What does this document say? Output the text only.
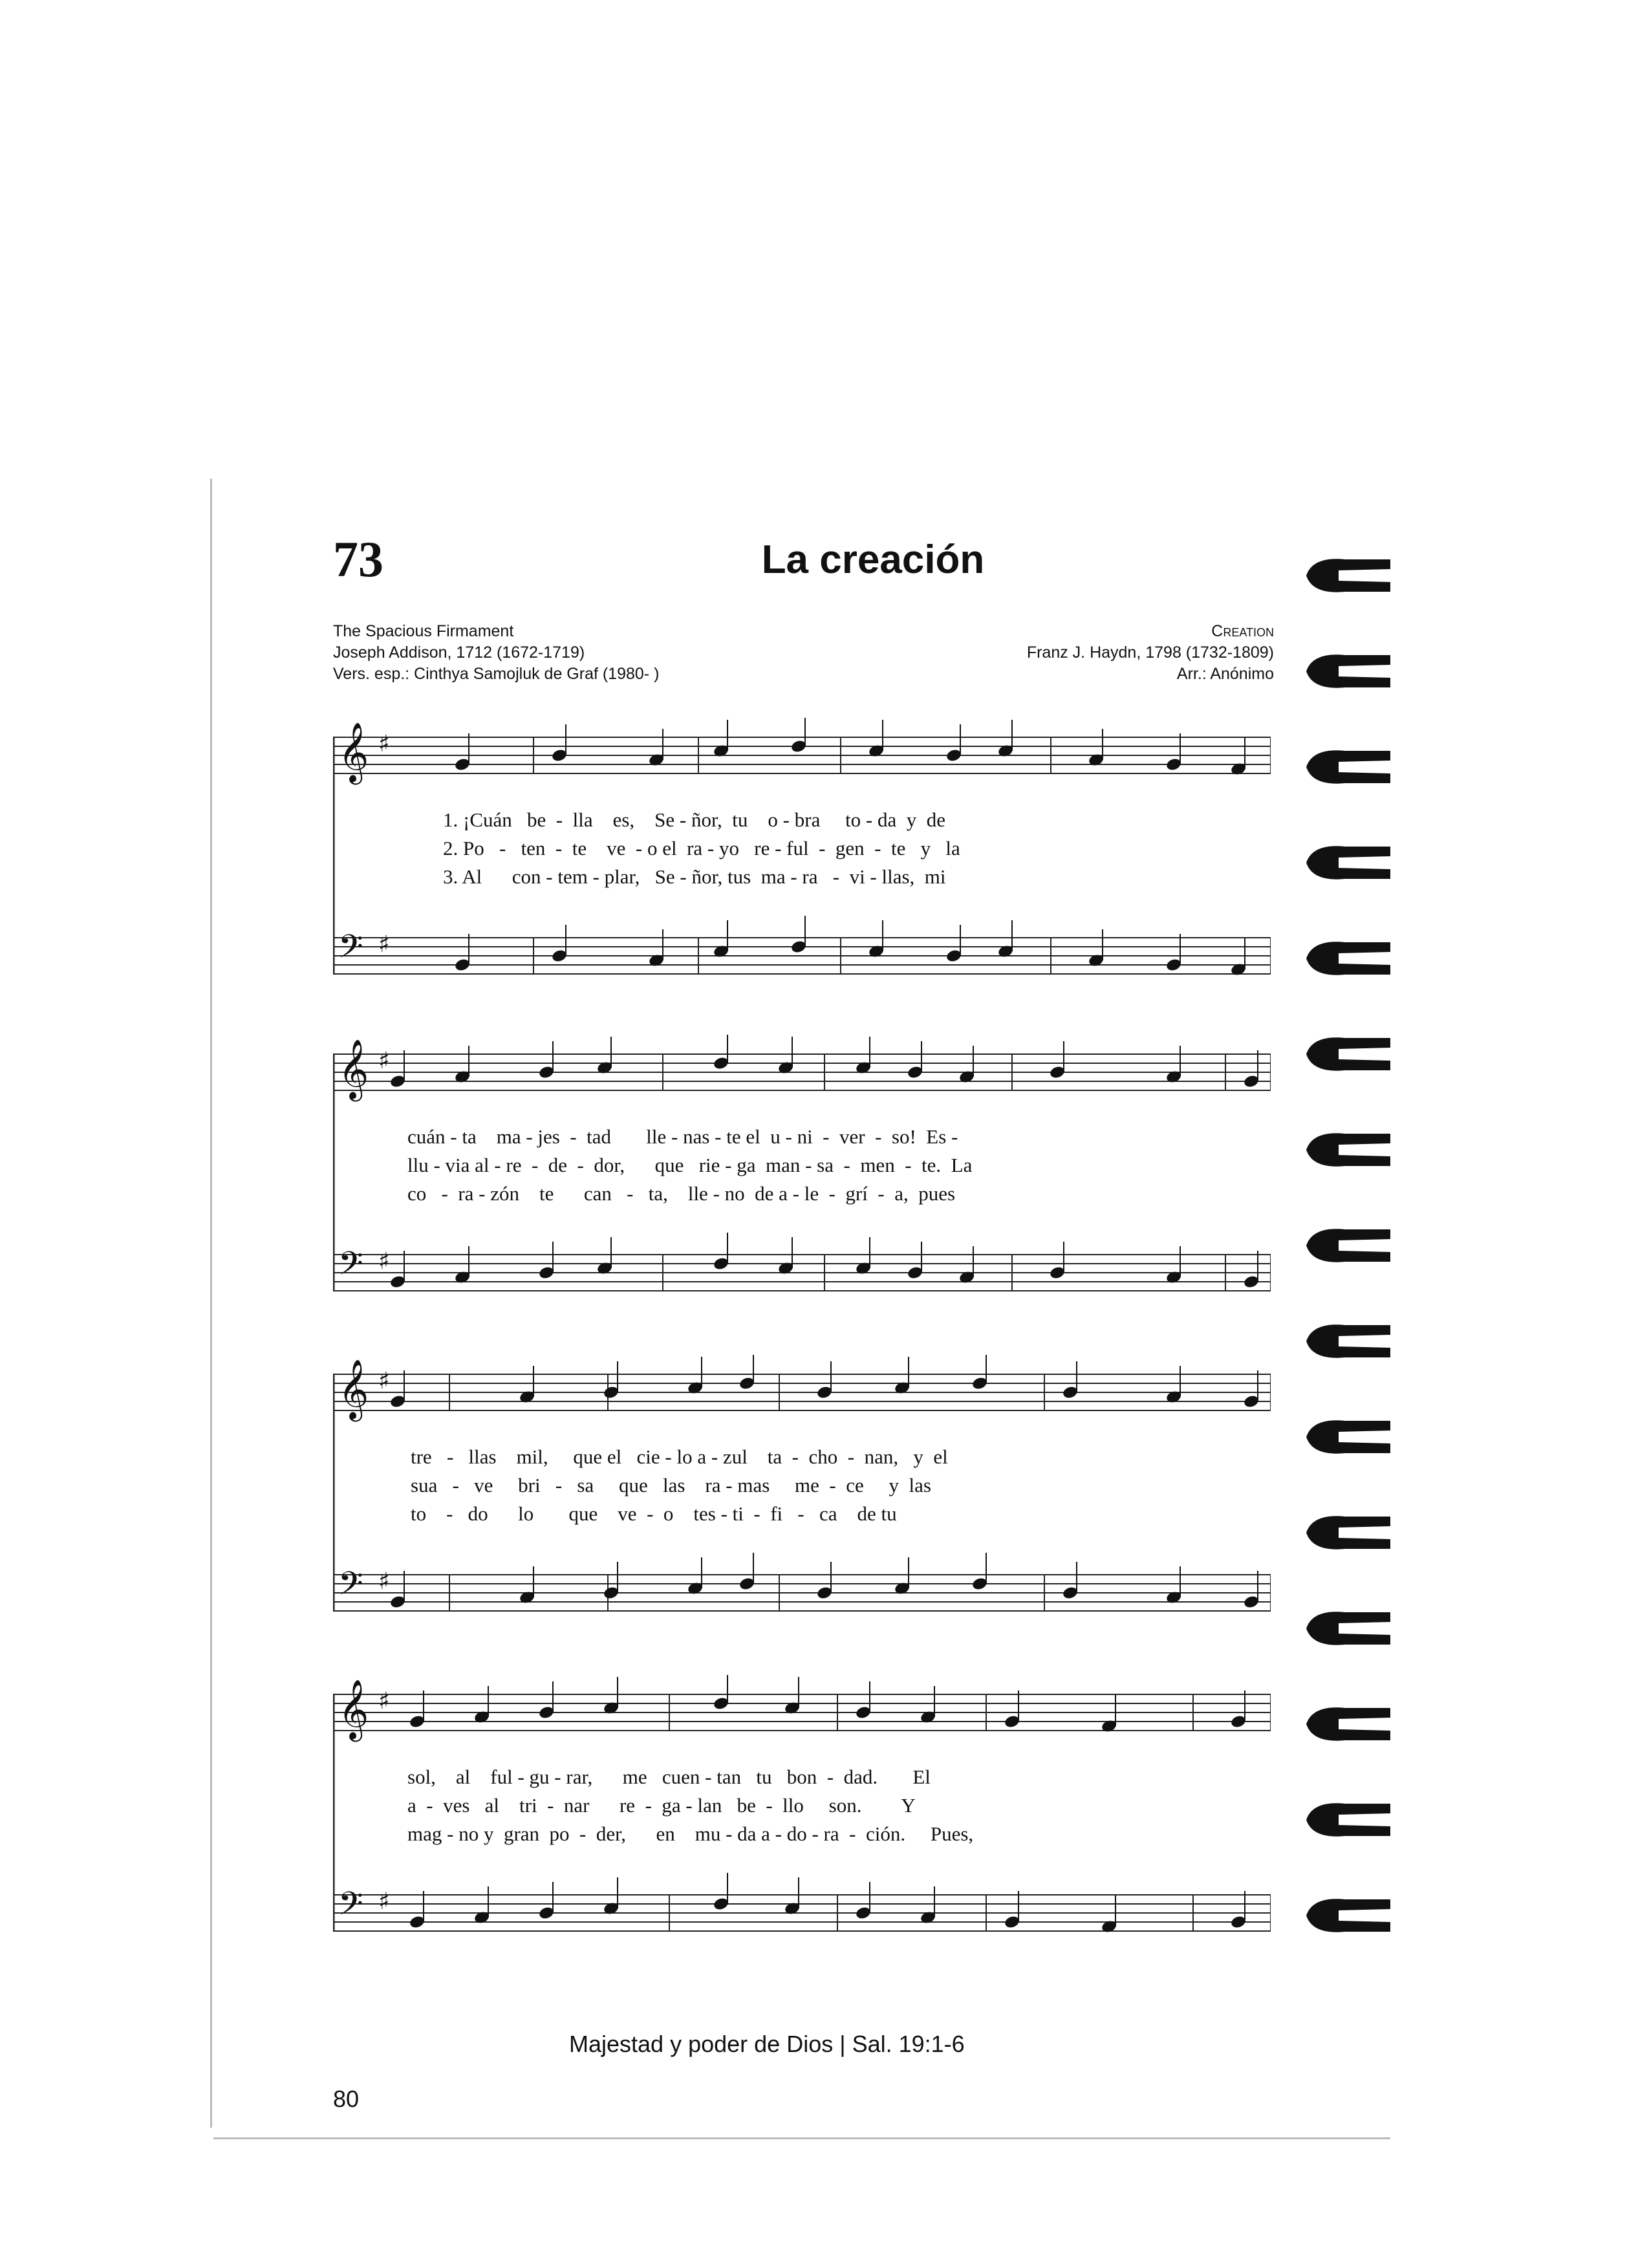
73	La creación
The Spacious Firmament
Joseph Addison, 1712 (1672-1719)
Vers. esp.: Cinthya Samojluk de Graf (1980- )
Creation
Franz J. Haydn, 1798 (1732-1809)
Arr.: Anónimo
𝄞 ♯
𝄢 ♯
1. ¡Cuán   be  -  lla    es,    Se - ñor,  tu    o - bra     to - da  y  de
2. Po   -   ten  -  te    ve  - o el  ra - yo   re - ful  -  gen  -  te   y   la
3. Al      con - tem - plar,   Se - ñor, tus  ma - ra   -  vi - llas,  mi
𝄞 ♯
𝄢 ♯
cuán - ta    ma - jes  -  tad       lle - nas - te el  u - ni  -  ver  -  so!  Es -
llu - via al - re  -  de  -  dor,      que   rie - ga  man - sa  -  men  -  te.  La
co   -  ra - zón    te      can   -   ta,    lle - no  de a - le  -  grí  -  a,  pues
𝄞 ♯
𝄢 ♯
tre   -   llas    mil,     que el   cie - lo a - zul    ta  -  cho  -  nan,   y  el
sua   -   ve     bri   -   sa     que   las    ra - mas     me  -  ce     y  las
to    -   do      lo       que    ve  -  o    tes - ti  -  fi   -   ca    de tu
𝄞 ♯
𝄢 ♯
sol,    al    ful - gu - rar,      me   cuen - tan   tu   bon  -  dad.       El
a  -  ves   al    tri  -  nar      re  -  ga - lan   be  -  llo     son.        Y
mag - no y  gran  po  -  der,      en    mu - da a - do - ra  -  ción.     Pues,
Majestad y poder de Dios | Sal. 19:1-6
80
